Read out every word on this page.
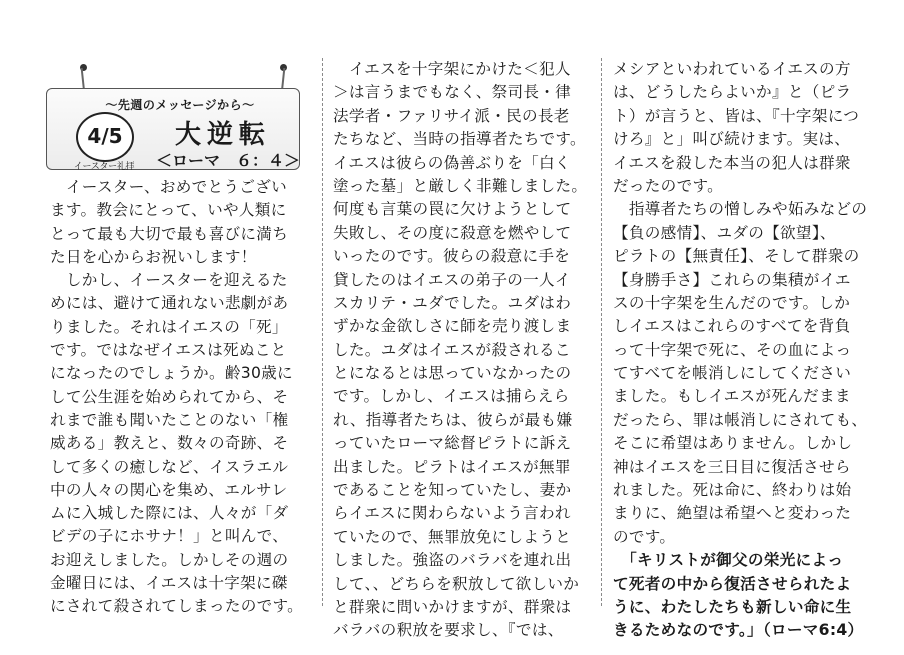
～先週のメッセージから～
4/5
イースター礼拝
大逆転
＜ローマ　６：４＞
　イースター、おめでとうござい
ます。教会にとって、いや人類に
とって最も大切で最も喜びに満ち
た日を心からお祝いします！
　しかし、イースターを迎えるた
めには、避けて通れない悲劇があ
りました。それはイエスの「死」
です。ではなぜイエスは死ぬこと
になったのでしょうか。齢30歳に
して公生涯を始められてから、そ
れまで誰も聞いたことのない「権
威ある」教えと、数々の奇跡、そ
して多くの癒しなど、イスラエル
中の人々の関心を集め、エルサレ
ムに入城した際には、人々が「ダ
ビデの子にホサナ！」と叫んで、
お迎えしました。しかしその週の
金曜日には、イエスは十字架に磔
にされて殺されてしまったのです。
　イエスを十字架にかけた＜犯人
＞は言うまでもなく、祭司長・律
法学者・ファリサイ派・民の長老
たちなど、当時の指導者たちです。
イエスは彼らの偽善ぶりを「白く
塗った墓」と厳しく非難しました。
何度も言葉の罠に欠けようとして
失敗し、その度に殺意を燃やして
いったのです。彼らの殺意に手を
貸したのはイエスの弟子の一人イ
スカリテ・ユダでした。ユダはわ
ずかな金欲しさに師を売り渡しま
した。ユダはイエスが殺されるこ
とになるとは思っていなかったの
です。しかし、イエスは捕らえら
れ、指導者たちは、彼らが最も嫌
っていたローマ総督ピラトに訴え
出ました。ピラトはイエスが無罪
であることを知っていたし、妻か
らイエスに関わらないよう言われ
ていたので、無罪放免にしようと
しました。強盗のバラバを連れ出
して、、どちらを釈放して欲しいか
と群衆に問いかけますが、群衆は
バラバの釈放を要求し、『では、
メシアといわれているイエスの方
は、どうしたらよいか』と（ピラ
ト）が言うと、皆は、『十字架につ
けろ』と」叫び続けます。実は、
イエスを殺した本当の犯人は群衆
だったのです。
　指導者たちの憎しみや妬みなどの
【負の感情】、ユダの【欲望】、
ピラトの【無責任】、そして群衆の
【身勝手さ】これらの集積がイエ
スの十字架を生んだのです。しか
しイエスはこれらのすべてを背負
って十字架で死に、その血によっ
てすべてを帳消しにしてください
ました。もしイエスが死んだまま
だったら、罪は帳消しにされても、
そこに希望はありません。しかし
神はイエスを三日目に復活させら
れました。死は命に、終わりは始
まりに、絶望は希望へと変わった
のです。
　「キリストが御父の栄光によっ
て死者の中から復活させられたよ
うに、わたしたちも新しい命に生
きるためなのです。」（ローマ6:4）
